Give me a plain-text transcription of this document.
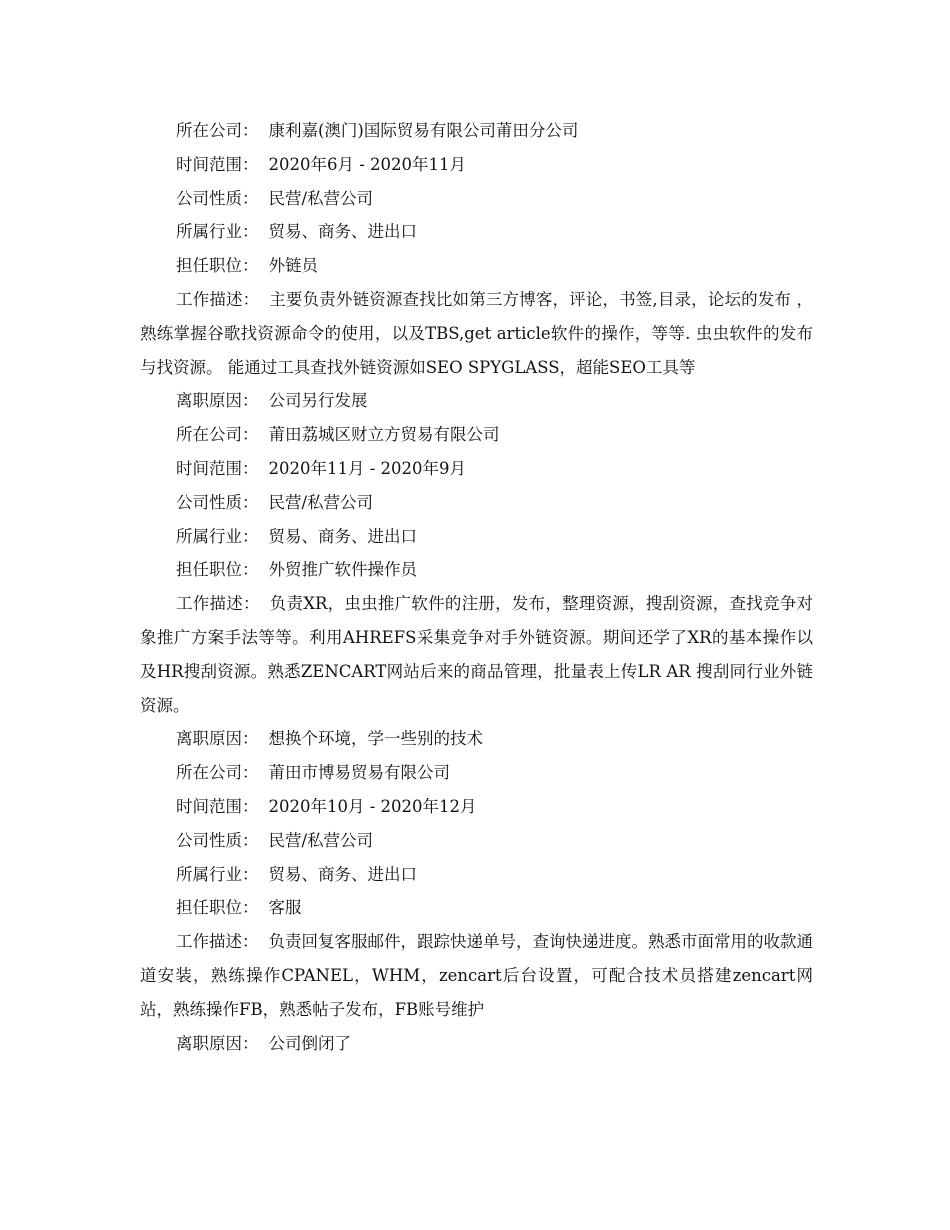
所在公司： 康利嘉(澳门)国际贸易有限公司莆田分公司
时间范围： 2020年6月 - 2020年11月
公司性质： 民营/私营公司
所属行业： 贸易、商务、进出口
担任职位： 外链员
工作描述： 主要负责外链资源查找比如第三方博客，评论，书签,目录，论坛的发布 ，熟练掌握谷歌找资源命令的使用，以及TBS,get article软件的操作，等等. 虫虫软件的发布 与找资源。 能通过工具查找外链资源如SEO SPYGLASS，超能SEO工具等
离职原因： 公司另行发展
所在公司： 莆田荔城区财立方贸易有限公司
时间范围： 2020年11月 - 2020年9月
公司性质： 民营/私营公司
所属行业： 贸易、商务、进出口
担任职位： 外贸推广软件操作员
工作描述： 负责XR，虫虫推广软件的注册，发布，整理资源，搜刮资源，查找竞争对象推广方案手法等等。利用AHREFS采集竞争对手外链资源。期间还学了XR的基本操作以及HR搜刮资源。熟悉ZENCART网站后来的商品管理，批量表上传LR AR 搜刮同行业外链资源。
离职原因： 想换个环境，学一些别的技术
所在公司： 莆田市博易贸易有限公司
时间范围： 2020年10月 - 2020年12月
公司性质： 民营/私营公司
所属行业： 贸易、商务、进出口
担任职位： 客服
工作描述： 负责回复客服邮件，跟踪快递单号，查询快递进度。熟悉市面常用的收款通道安装，熟练操作CPANEL，WHM，zencart后台设置，可配合技术员搭建zencart网站，熟练操作FB，熟悉帖子发布，FB账号维护
离职原因： 公司倒闭了
